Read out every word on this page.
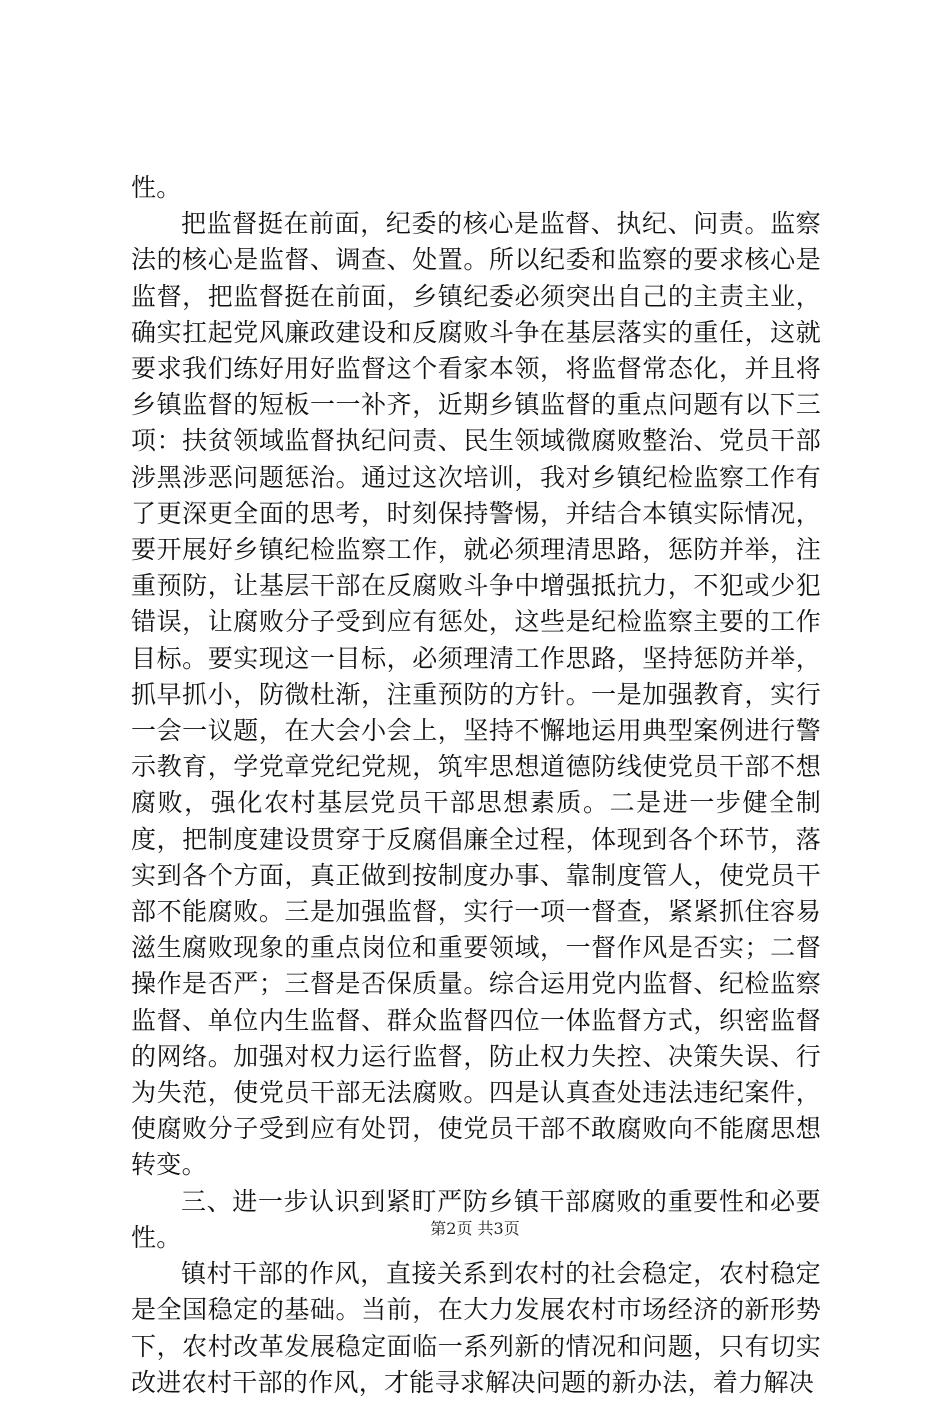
性。

把监督挺在前面，纪委的核心是监督、执纪、问责。监察法的核心是监督、调查、处置。所以纪委和监察的要求核心是监督，把监督挺在前面，乡镇纪委必须突出自己的主责主业，确实扛起党风廉政建设和反腐败斗争在基层落实的重任，这就要求我们练好用好监督这个看家本领，将监督常态化，并且将乡镇监督的短板一一补齐，近期乡镇监督的重点问题有以下三项：扶贫领域监督执纪问责、民生领域微腐败整治、党员干部涉黑涉恶问题惩治。通过这次培训，我对乡镇纪检监察工作有了更深更全面的思考，时刻保持警惕，并结合本镇实际情况，要开展好乡镇纪检监察工作，就必须理清思路，惩防并举，注重预防，让基层干部在反腐败斗争中增强抵抗力，不犯或少犯错误，让腐败分子受到应有惩处，这些是纪检监察主要的工作目标。要实现这一目标，必须理清工作思路，坚持惩防并举，抓早抓小，防微杜渐，注重预防的方针。一是加强教育，实行一会一议题，在大会小会上，坚持不懈地运用典型案例进行警示教育，学党章党纪党规，筑牢思想道德防线使党员干部不想腐败，强化农村基层党员干部思想素质。二是进一步健全制度，把制度建设贯穿于反腐倡廉全过程，体现到各个环节，落实到各个方面，真正做到按制度办事、靠制度管人，使党员干部不能腐败。三是加强监督，实行一项一督查，紧紧抓住容易滋生腐败现象的重点岗位和重要领域，一督作风是否实；二督操作是否严；三督是否保质量。综合运用党内监督、纪检监察监督、单位内生监督、群众监督四位一体监督方式，织密监督的网络。加强对权力运行监督，防止权力失控、决策失误、行为失范，使党员干部无法腐败。四是认真查处违法违纪案件，使腐败分子受到应有处罚，使党员干部不敢腐败向不能腐思想转变。

三、进一步认识到紧盯严防乡镇干部腐败的重要性和必要性。

镇村干部的作风，直接关系到农村的社会稳定，农村稳定是全国稳定的基础。当前，在大力发展农村市场经济的新形势下，农村改革发展稳定面临一系列新的情况和问题，只有切实改进农村干部的作风，才能寻求解决问题的新办法，着力解决

第2页 共3页
